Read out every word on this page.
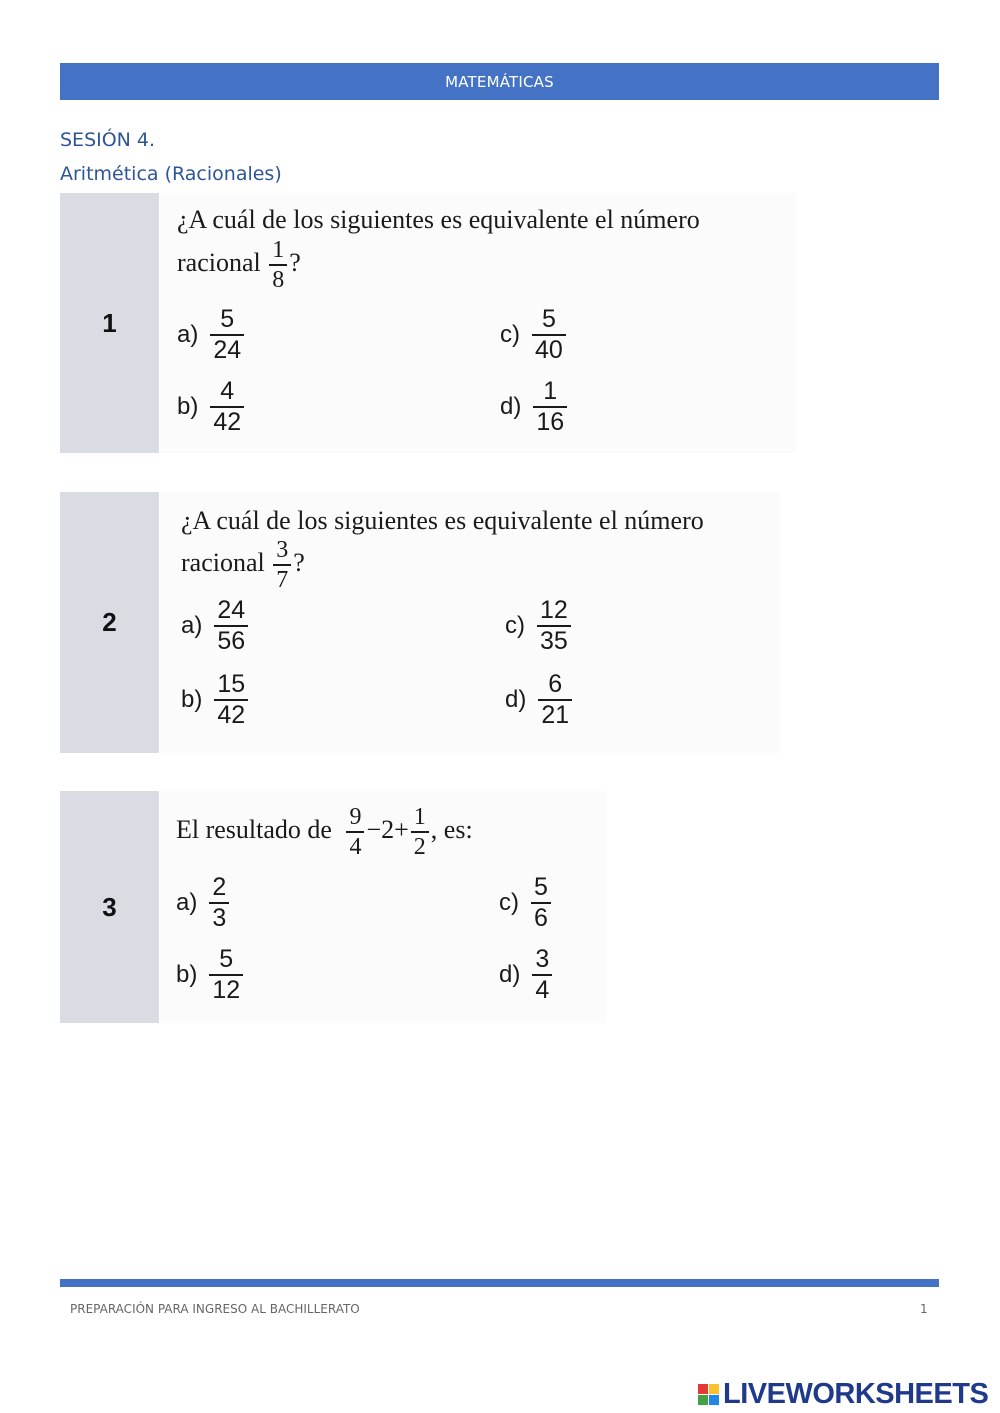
MATEMÁTICAS
SESIÓN 4.
Aritmética (Racionales)
1
¿A cuál de los siguientes es equivalente el número
racional $\frac{1}{8}$ ?
$a) \frac{5}{24}$
$b) \frac{4}{42}$
$c) \frac{5}{40}$
$d) \frac{1}{16}$
2
¿A cuál de los siguientes es equivalente el número
racional $\frac{3}{7}$ ?
$a) \frac{24}{56}$
$b) \frac{15}{42}$
$c) \frac{12}{35}$
$d) \frac{6}{21}$
3
El resultado de $\frac{9}{4} -2+ \frac{1}{2}$ , es:
$a) \frac{2}{3}$
$b) \frac{5}{12}$
$c) \frac{5}{6}$
$d) \frac{3}{4}$
PREPARACIÓN PARA INGRESO AL BACHILLERATO	1
LIVEWORKSHEETS
